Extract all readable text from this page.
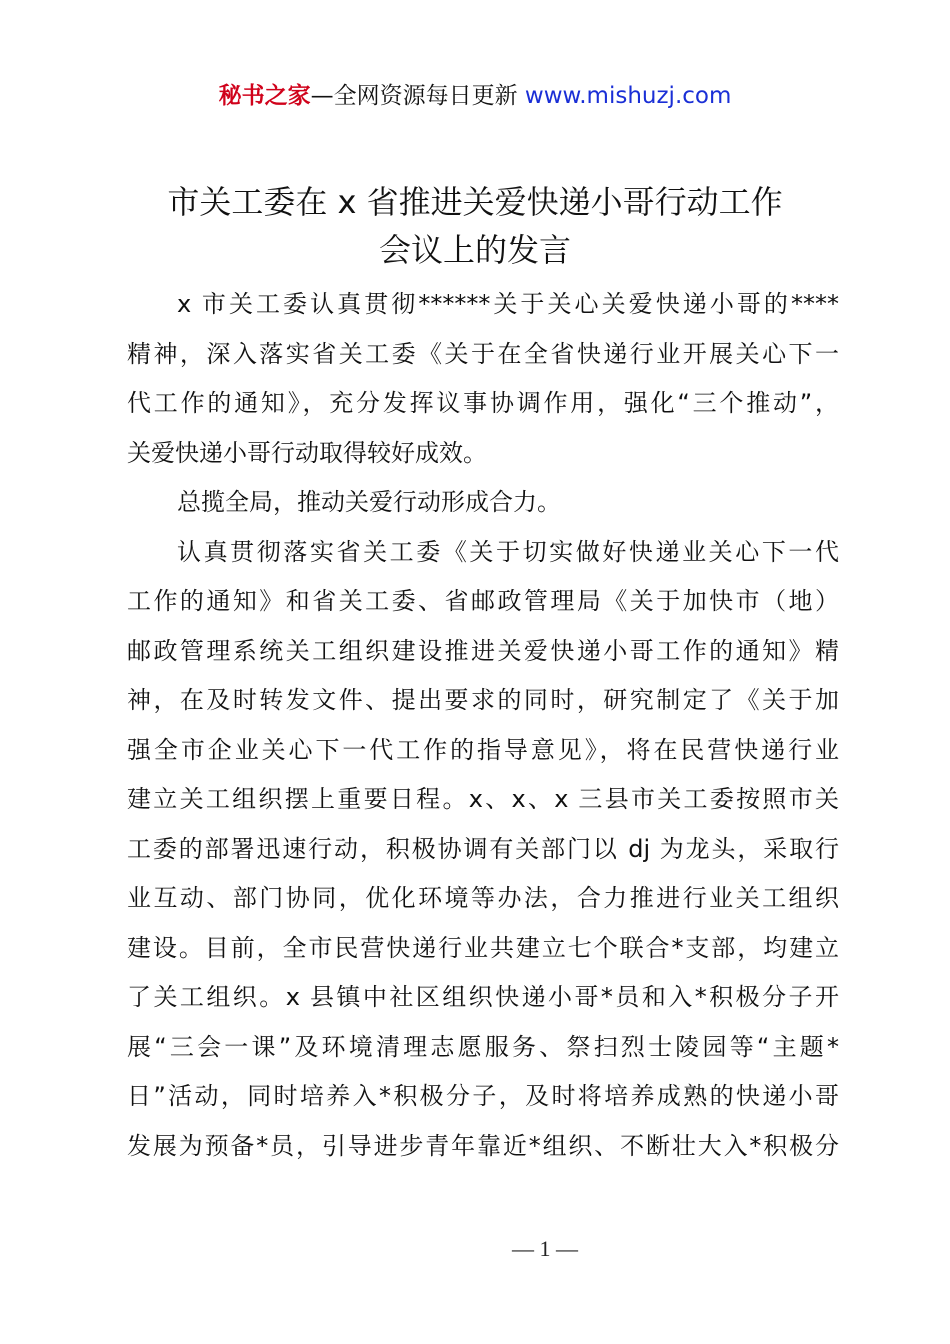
秘书之家—全网资源每日更新 www.mishuzj.com
市关工委在 x 省推进关爱快递小哥行动工作
会议上的发言
x 市关工委认真贯彻******关于关心关爱快递小哥的****
精神，深入落实省关工委《关于在全省快递行业开展关心下一
代工作的通知》，充分发挥议事协调作用，强化“三个推动”，
关爱快递小哥行动取得较好成效。
总揽全局，推动关爱行动形成合力。
认真贯彻落实省关工委《关于切实做好快递业关心下一代
工作的通知》和省关工委、省邮政管理局《关于加快市（地）
邮政管理系统关工组织建设推进关爱快递小哥工作的通知》精
神，在及时转发文件、提出要求的同时，研究制定了《关于加
强全市企业关心下一代工作的指导意见》，将在民营快递行业
建立关工组织摆上重要日程。x、x、x 三县市关工委按照市关
工委的部署迅速行动，积极协调有关部门以 dj 为龙头，采取行
业互动、部门协同，优化环境等办法，合力推进行业关工组织
建设。目前，全市民营快递行业共建立七个联合*支部，均建立
了关工组织。x 县镇中社区组织快递小哥*员和入*积极分子开
展“三会一课”及环境清理志愿服务、祭扫烈士陵园等“主题*
日”活动，同时培养入*积极分子，及时将培养成熟的快递小哥
发展为预备*员，引导进步青年靠近*组织、不断壮大入*积极分
— 1 —
